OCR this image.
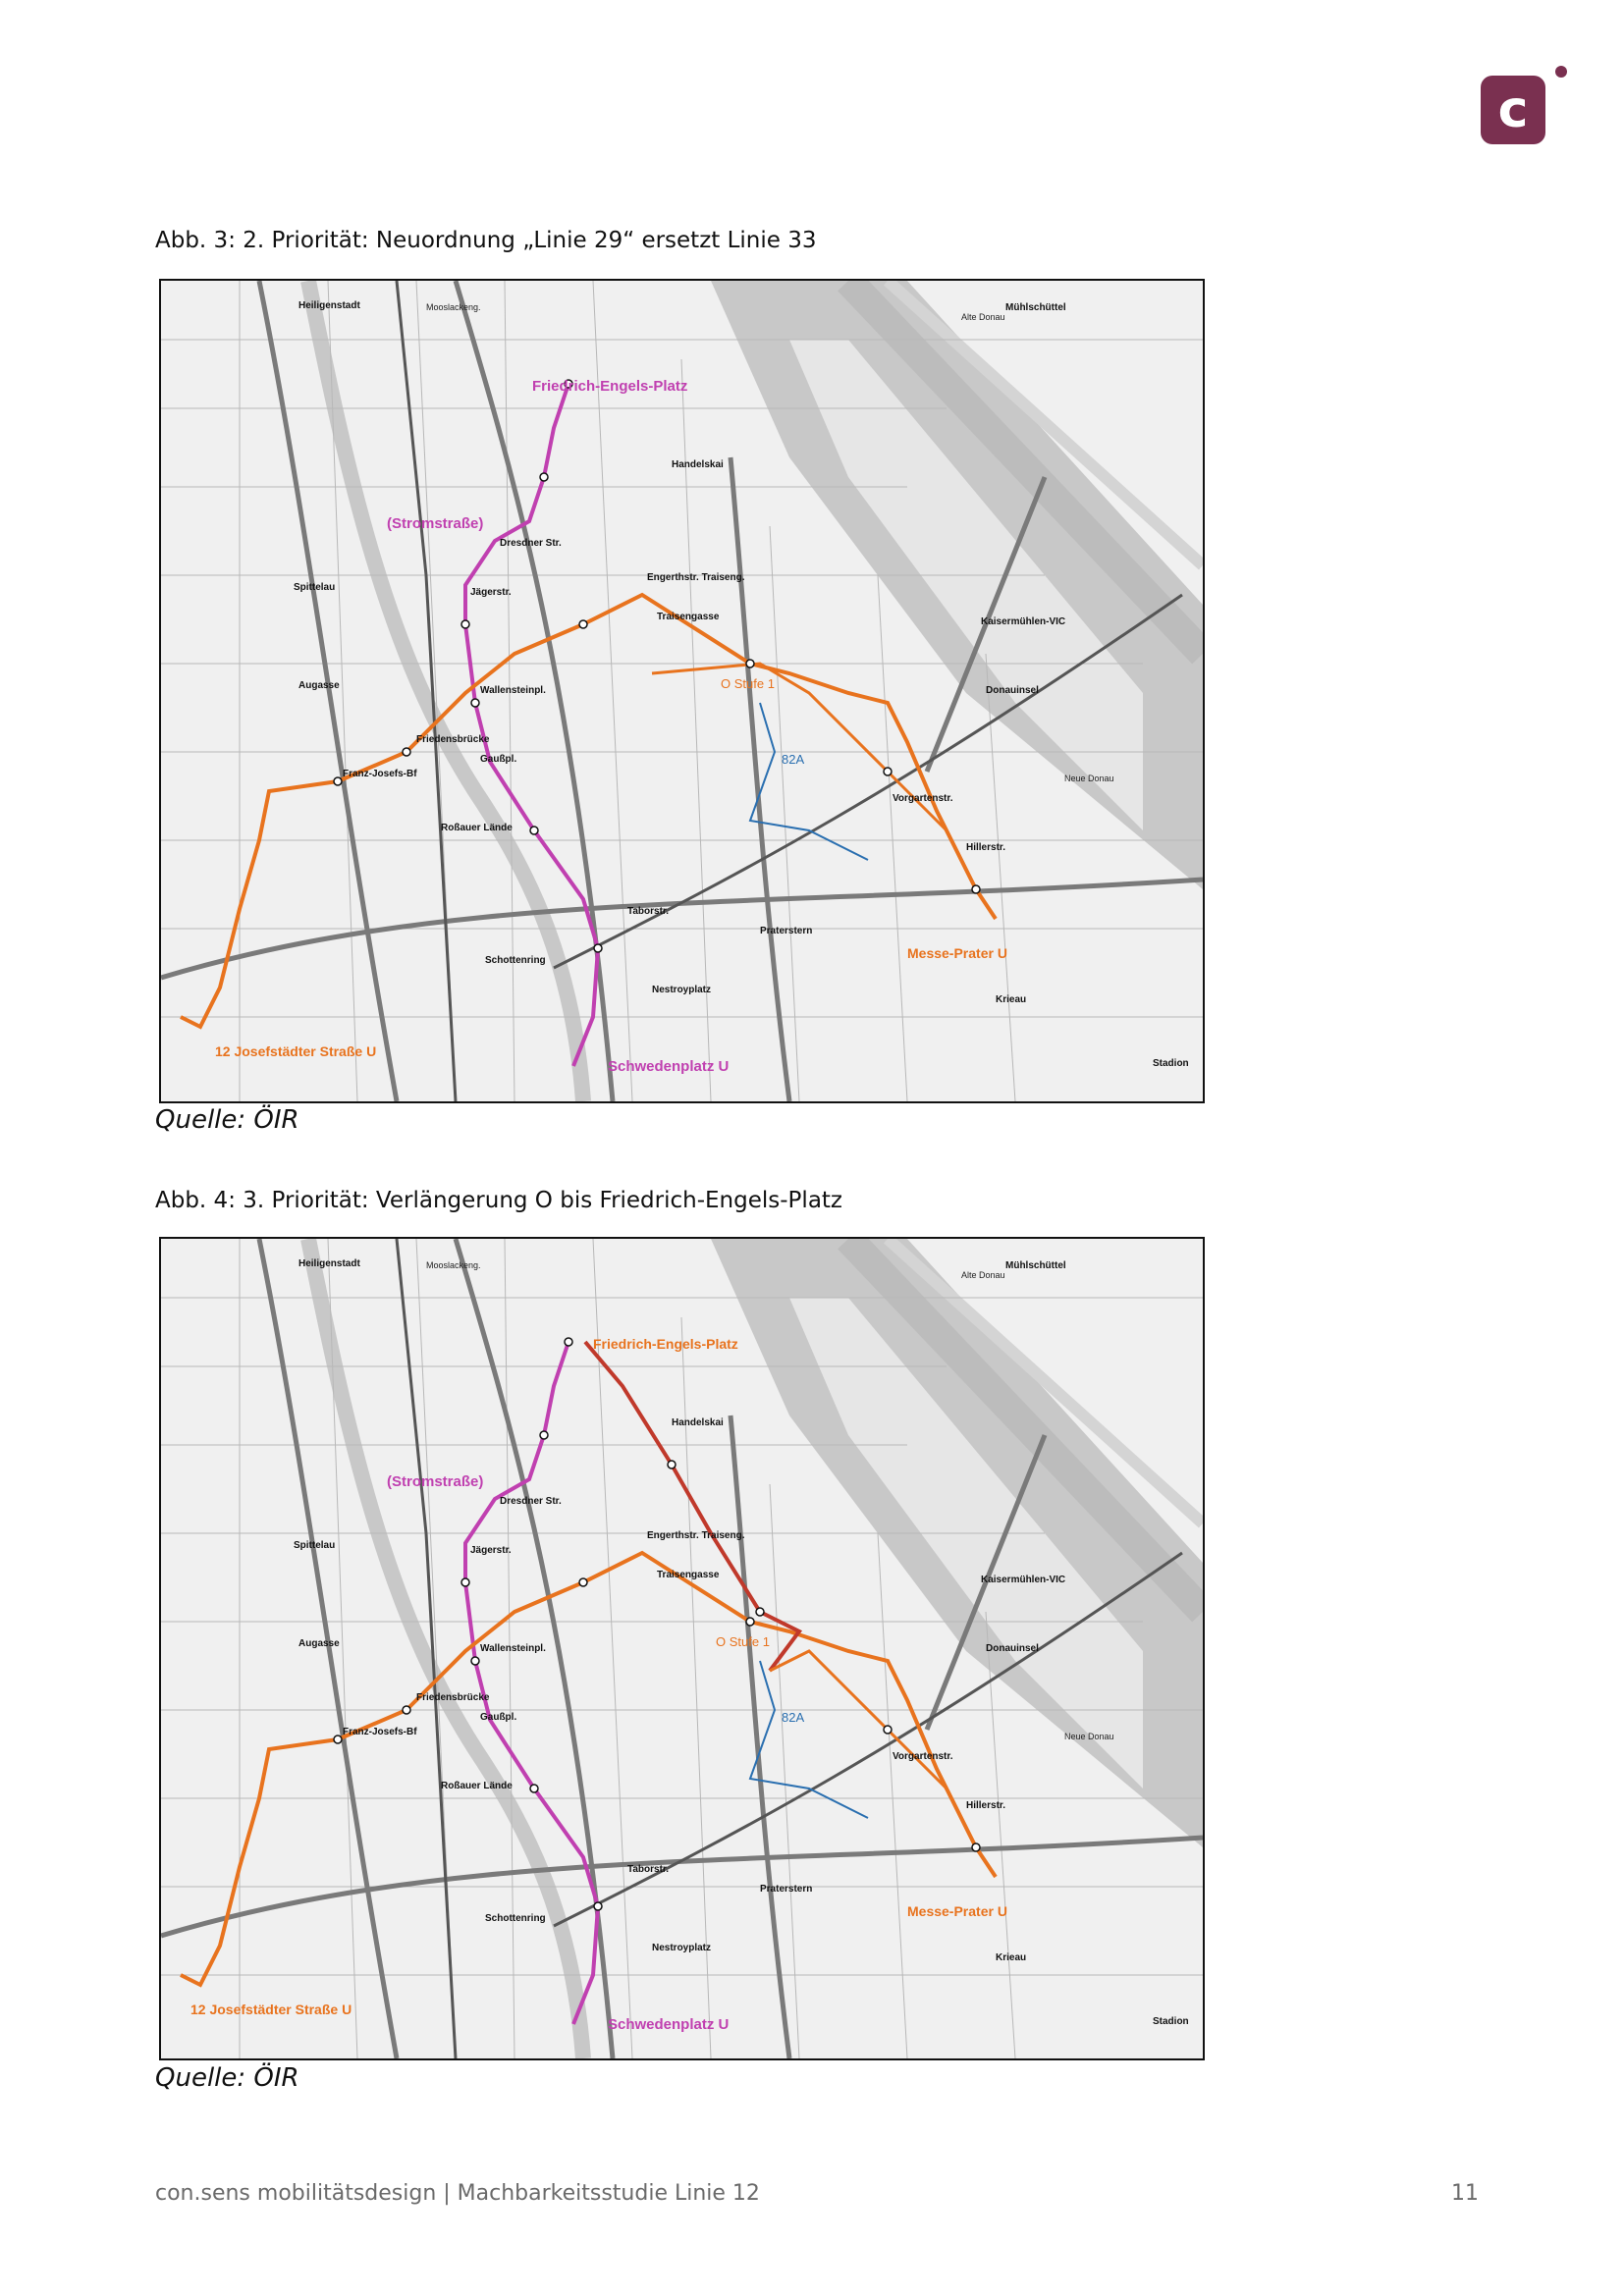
c
Abb. 3: 2. Priorität: Neuordnung „Linie 29“ ersetzt Linie 33
Friedrich-Engels-Platz
(Stromstraße)
Schwedenplatz U
O Stufe 1
Messe-Prater U
12 Josefstädter Straße U
82A
Heiligenstadt	Mooslackeng.
Handelskai
Traisengasse
Friedensbrücke
Augasse
Spittelau
Franz-Josefs-Bf
Roßauer Lände
Taborstr.
Praterstern
Schottenring
Nestroyplatz
Vorgartenstr.
Donauinsel
Kaisermühlen-VIC
Stadion
Krieau
Hillerstr.
Dresdner Str.
Jägerstr.
Wallensteinpl.
Gaußpl.
Engerthstr. Traiseng.
Mühlschüttel
Alte Donau
Neue Donau
Quelle: ÖIR
Abb. 4: 3. Priorität: Verlängerung O bis Friedrich-Engels-Platz
Friedrich-Engels-Platz
(Stromstraße)
Schwedenplatz U
O Stufe 1
Messe-Prater U
12 Josefstädter Straße U
82A
Heiligenstadt	Mooslackeng.
Handelskai
Traisengasse
Friedensbrücke
Augasse
Spittelau
Franz-Josefs-Bf
Roßauer Lände
Taborstr.
Praterstern
Schottenring
Nestroyplatz
Vorgartenstr.
Donauinsel
Kaisermühlen-VIC
Stadion
Krieau
Hillerstr.
Dresdner Str.
Jägerstr.
Wallensteinpl.
Gaußpl.
Engerthstr. Traiseng.
Mühlschüttel
Alte Donau
Neue Donau
Quelle: ÖIR
con.sens mobilitätsdesign | Machbarkeitsstudie Linie 12	11
